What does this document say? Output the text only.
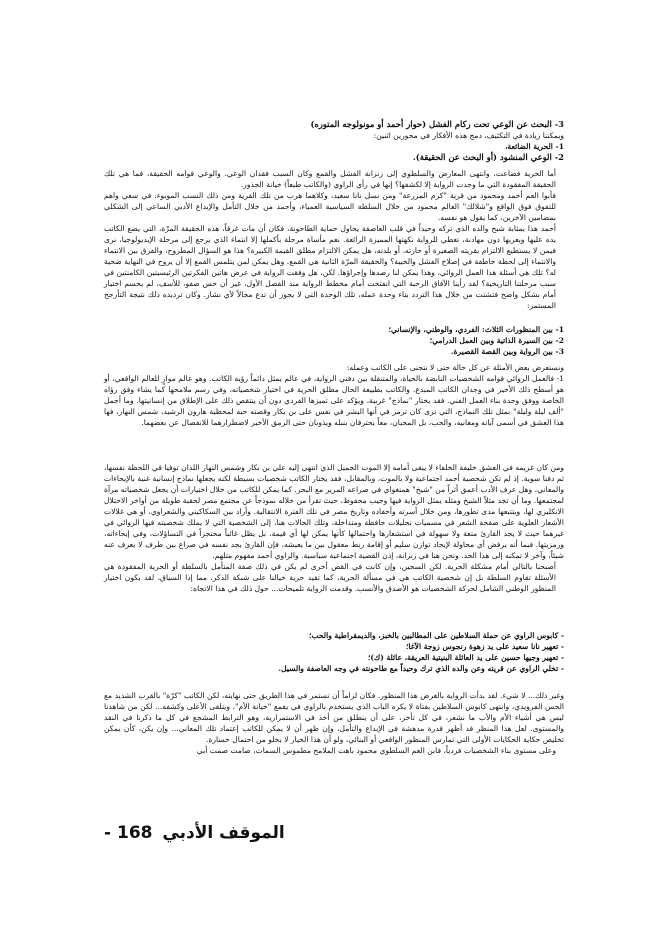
3- البحث عن الوعي تحت ركام الفشل (حوار أحمد أو مونولوجه المتوره)

ويمكننا زيادة في التكثيف، دمج هذه الأفكار في محورين اثنين:

1- الحرية الضائعة،

2- الوعي المنشود (أو البحث عن الحقيقة).

أما الحرية فضاعت، وانتهى المعارض والسلطوي إلى زنزانة الفشل والقمع وكان السبب فقدان الوعي. والوعي قوامه الحقيقة، فما هي تلك الحقيقة المفقودة التي ما وجدت الرواية إلا لكشفها؟ إنها في رأي الراوي (والكاتب طبعاً) خيانة الجذور.

فأبوا العم أحمد ومحمود من قرية "كرم المزرعة" ومن نسل نانا سعيد، وكلاهما هرب من تلك القرية ومن ذلك النسب الموبوء، في سعي واهم للتفوق فوق الواقع و"شلالك" العالم محمود من خلال السلطة السياسية العمياء، وأحمد من خلال التأمل والإبداع الأدبي الساعي إلى الشكلي بمضامين الآخرين، كما يقول هو نفسه.

أحمد هذا بمثابة شبح والده الذي تركه وحيداً في قلب العاصفة يحاول حماية الطاحونة، فكان أن مات غرقاً، هذه الحقيقة المرّة، التي يضع الكاتب يده عليها ويعريها دون مهادنة، تعطي للرواية نكهتها المميزة الرائعة. نعم مأساة مرحلة بأكملها إلا انتماء الذي يرجع إلى مرحلة الإيديولوجيا، نرى فيمن لا يستطيع الالتزام بقريته الصغيرة أو حارته، أو بلدته، هل يمكن الالتزام مطلق القيمة الكبيرة؟ هذا هو السؤال المطروح، والفرق بين الانتماء والانتماء إلى لحظة خاطفة في إصلاح الفشل والخيبة؟ والحقيقة المرّة الثانية هي القمع. وهل يمكن لمن يتلمس القمع إلا أن يروح في النهاية ضحية له؟ تلك هي أسئلة هذا العمل الروائي، وهذا يمكن لنا رصدها وإجراؤها. لكن، هل وفقت الرواية في عرض هاتين الفكرتين الرئيسيتين الكامنتين في سبب مرحلتنا التاريخية؟ لقد رأينا الآفاق الرحبة التي انفتحت أمام مخطط الرواية منذ الفصل الأول، غير أن حس صفو، للأسف، لم يحسم اختيار أمام بشكل واضح فتشتت من خلال هذا التردد بناء وحدة عمله، تلك الوحدة التي لا يجوز أن تدع مجالاً لأي نشاز. وكان ترديده ذلك نتيجة التأرجح المستمر:

1- بين المنظورات الثلاث: الفردي، والوطني، والإنساني؛

2- بين السيرة الذاتية وبين العمل الدرامي؛

3- بين الرواية وبين القصة القصيرة.

ونستعرض بعض الأمثلة عن كل حالة حتى لا نتجنى على الكاتب وعمله:

1- فالعمل الروائي قوامه الشخصيات النابضة بالحياة، والمتنقلة بين دفتي الرواية، في عالم يمثل دائماً رؤية الكاتب. وهو عالم موازٍ للعالم الواقعي، أو هو أسطح ذلك الأخير في وجدان الكاتب المبدع. والكاتب بطبيعة الحال مطلق الحرية في اختيار شخصياته، وفي رسم ملامحها كما يشاء وفق رؤاه الخاصة ووفق وحدة بناء العمل الفني. فقد يختار "نماذج" غريبة، ويؤكد على تميزها الفردي دون أن ينتقص ذلك على الإطلاق من إنسانيتها. وما أجمل "ألف ليلة وليلة" بمثل تلك النماذج، التي نرى كان ترمز في أنها البشر في نفس على بن بكار وقصته حبه لمحظية هارون الرشيد، شمس النهار، فها هذا العشق في أسمى آياته ومعانيه، والحب، بل المحبان، معاً يحترقان بنبله ويذوبان حتى الرمق الأخير لاضطرارهما للانفصال عن بعضهما.

ومن كان غريمه في العشق خليفة الخلفاء لا يبقى أمامه إلا الموت الجميل الذي انتهى إليه علي بن بكار وشمس النهار اللذان توفيا في اللحظة نفسها، ثم دفنا سوية. إذ لم تكن شخصية أحمد اجتماعية ولا بالموت، وبالمقابل، فقد يختار الكاتب شخصيات بسيطة لكنه يجعلها نماذج إنسانية غنية بالإيحاءات والمعاني، وهل عرف الأدب أعمق أثراً من "شيخ" همنغواي في صراعه المرير مع البحر. كما يمكن للكاتب من خلال اختيارات أن يجعل شخصياته مرآة لمجتمعها. وما أن تجد مثلاً الشيخ ومثله يمثل الرواية فيها وجيب محفوظ، حيث تقرأ من خلاله نموذجاً عن مجتمع مصر لحقبة طويلة من أواخر الاحتلال الانكليزي لها، ويتتبعها مدى تطورها، ومن خلال أسرته وأحفاده وتاريخ مصر في تلك الفترة الانتقالية. وأراد بين السكاكيني والشعراوي، أو هي غلالات الأشعار العلوية على صفحة الشعر في مسميات تحليلات حافظة ومتداخلة، وتلك الحالات هنا، إلى الشخصية التي لا يملك شخصيته فيها الروائي في غيرهما حيث لا يجد القارئ متعة ولا سهولة في استشعارها واحتمالها كأنها يمكن لها أي قيمة، بل يظل غائباً محتجزاً في التساؤلات، وفي إيحاءاته، ورمزيتها. فبما أنه يرفض أي محاولة لإيجاد توازن سليم أو إقامة ربط معقول بين ما يعيشه، فإن القارئ يجد نفسه في صراع بين طرف لا يعرف عنه شيئاً، وآخر لا تمكنه إلى هذا الحد. ونحن هنا في زنزانة، إذن القضية اجتماعية سياسية. والراوي أحمد مفهوم متلهم.

أصبحنا بالتالي أمام مشكلة الحرية. لكن السجين، وإن كانت في القص أخرى لم يكن في ذلك صفة المتأمل بالسلطة أو الحرية المفقودة هي الأسئلة تقاوم السلطة بل إن شخصية الكاتب هي في مسألة الحرية، كما تقيد حرية خيالنا على شبكة الذكر. مما إذا السياق، لقد يكون اختيار المنظور الوطني الشامل لحركة الشخصيات هو الأصدق والأنسب. وقدمت الرواية تلميحات... حول ذلك في هذا الاتجاه:

- كابوس الراوي عن حملة السلاطين على المطالبين بالخبز، والديمقراطية والحب؛

- تعهير نانا سعيد على يد زهوة رنجوس زوجة الآغا؛

- تعهير وجيها حسين على يد العائلة البنيتية العريقة، عائلة (ك)؛

- تخلي الراوي عن قريته وعن والده الذي ترك وحيداً مع طاحونته في وجه العاصفة والسيل.

وغير ذلك... لا شيء. لقد بدأت الرواية بالغرض هذا المنظور. فكان لزاماً أن تستمر في هذا الطريق حتى نهايته، لكن الكاتب "كرّة" بالقرب الشديد مع الحس الفرويدي، وانتهى كابوس السلاطين بفتاة لا يكره الباب الذي يستخدم بالراوي في يقمع "خيانة الأم". ويتلقى الأعلى وكشفه... لكن من شاهدنا ليس هي أشياء الأم والأب ما نشعر، في كل تأخر، على أن ينطلق من أخذ في الاستمرارية، وهو الترابط المشجع في كل ما ذكرنا في النقد والمستوى. لعل هذا المنظر قد أظهر قدرة مدهشة في الإبداع والتأمل، وإن ظهر أن لا يمكن للكاتب إعتماد تلك المعاني... وإن يكن، كأن يمكن تخليص حكاية الحكايات الأولى التي تمارس المنظور الواقعي أو البنائي، ولو أن هذا الخيار لا يخلو من احتمال خسارة.

وعلى مستوى بناء الشخصيات فردياً، فابن العم السلطوي محمود باهت الملامح مطموس السمات، صامت صمت أبي

الموقف الأدبي 168 -
